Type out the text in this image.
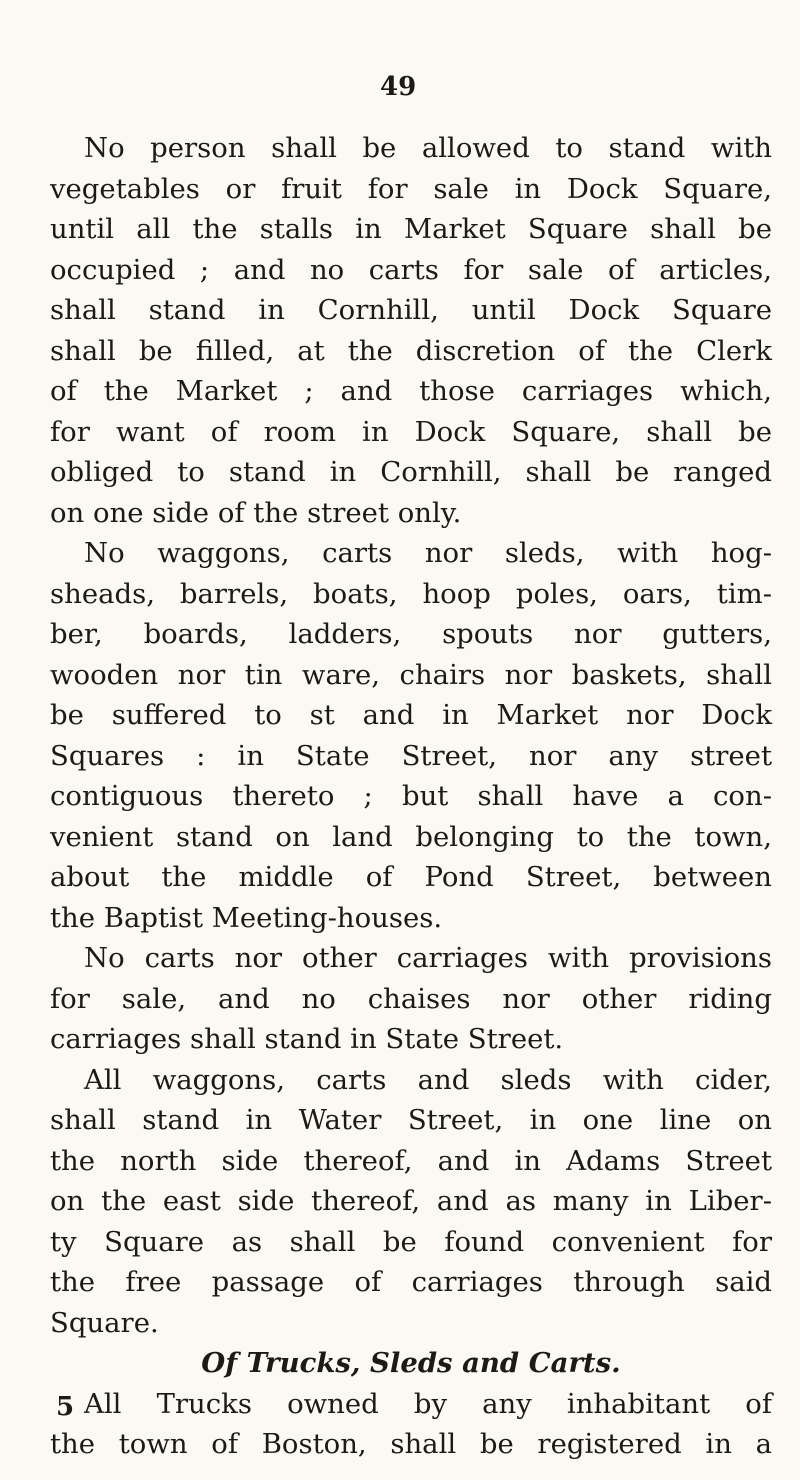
49
No person shall be allowed to stand with
vegetables or fruit for sale in Dock Square,
until all the stalls in Market Square shall be
occupied ; and no carts for sale of articles,
shall stand in Cornhill, until Dock Square
shall be filled, at the discretion of the Clerk
of the Market ; and those carriages which,
for want of room in Dock Square, shall be
obliged to stand in Cornhill, shall be ranged
on one side of the street only.
No waggons, carts nor sleds, with hog-
sheads, barrels, boats, hoop poles, oars, tim-
ber, boards, ladders, spouts nor gutters,
wooden nor tin ware, chairs nor baskets, shall
be suffered to st and in Market nor Dock
Squares : in State Street, nor any street
contiguous thereto ; but shall have a con-
venient stand on land belonging to the town,
about the middle of Pond Street, between
the Baptist Meeting-houses.
No carts nor other carriages with provisions
for sale, and no chaises nor other riding
carriages shall stand in State Street.
All waggons, carts and sleds with cider,
shall stand in Water Street, in one line on
the north side thereof, and in Adams Street
on the east side thereof, and as many in Liber-
ty Square as shall be found convenient for
the free passage of carriages through said
Square.
Of Trucks, Sleds and Carts.
All Trucks owned by any inhabitant of
the town of Boston, shall be registered in a
5
